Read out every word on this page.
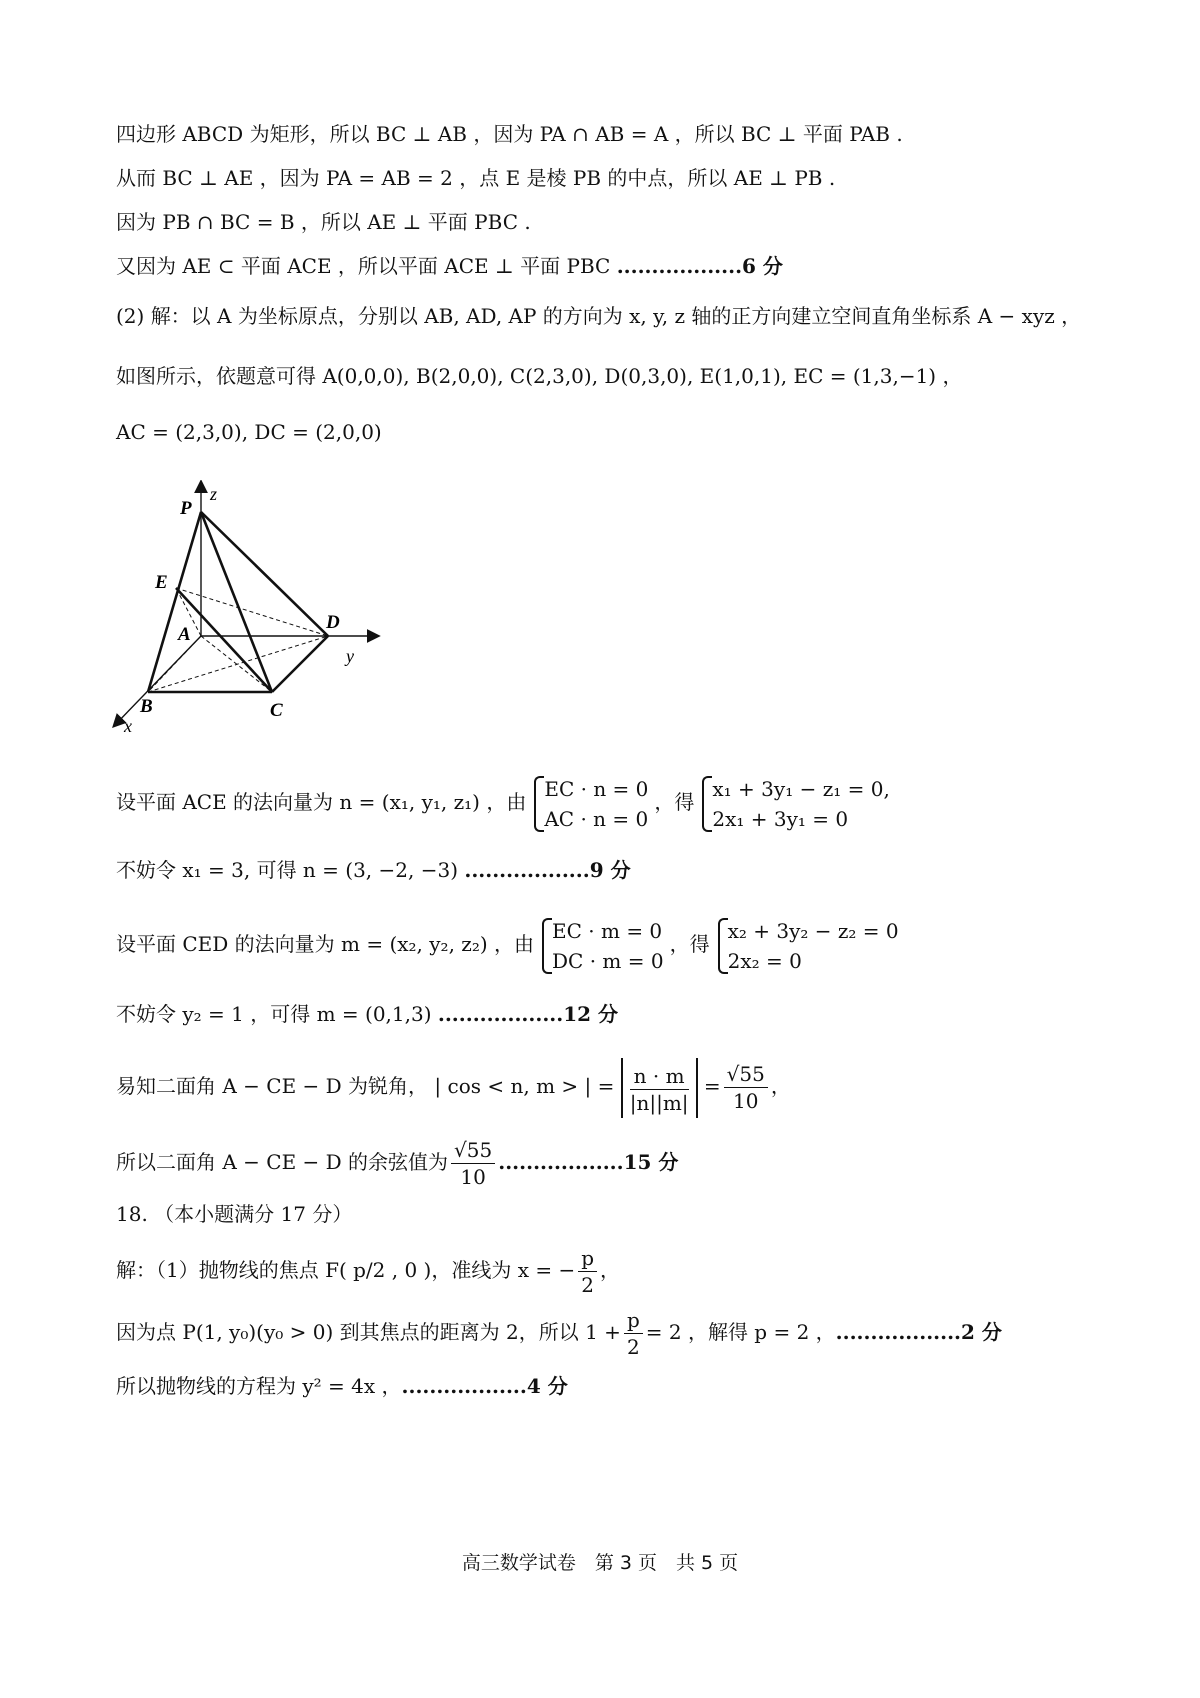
四边形 ABCD 为矩形，所以 BC ⊥ AB ，因为 PA ∩ AB = A ，所以 BC ⊥ 平面 PAB .
从而 BC ⊥ AE ，因为 PA = AB = 2 ，点 E 是棱 PB 的中点，所以 AE ⊥ PB .
因为 PB ∩ BC = B ，所以 AE ⊥ 平面 PBC .
又因为 AE ⊂ 平面 ACE ，所以平面 ACE ⊥ 平面 PBC ..................6 分
(2) 解：以 A 为坐标原点，分别以 AB, AD, AP 的方向为 x, y, z 轴的正方向建立空间直角坐标系 A − xyz ，
如图所示，依题意可得 A(0,0,0), B(2,0,0), C(2,3,0), D(0,3,0), E(1,0,1), EC = (1,3,−1) ，
AC = (2,3,0), DC = (2,0,0)
P
z
E
A
D
y
B	C
x
设平面 ACE 的法向量为 n = (x₁, y₁, z₁) ，由
EC · n = 0
AC · n = 0
，得
x₁ + 3y₁ − z₁ = 0,
2x₁ + 3y₁ = 0
不妨令 x₁ = 3, 可得 n = (3, −2, −3) ..................9 分
设平面 CED 的法向量为 m = (x₂, y₂, z₂) ，由
EC · m = 0
DC · m = 0
，得
x₂ + 3y₂ − z₂ = 0
2x₂ = 0
不妨令 y₂ = 1 ，可得 m = (0,1,3) ..................12 分
易知二面角 A − CE − D 为锐角， | cos < n, m > | = $\frac{n \cdot m}{|n||m|} = \frac{√55}{10}$ ，
所以二面角 A − CE − D 的余弦值为 $\frac{√55}{10} ..................15$ 分
18. （本小题满分 17 分）
解：（1）抛物线的焦点 F( p/2 , 0 )，准线为 x = − $\frac{p}{2}$ ，
因为点 P(1, y₀)(y₀ > 0) 到其焦点的距离为 2，所以 $1 + \frac{p}{2} = 2$ ，解得 p = 2 ，..................2 分
所以抛物线的方程为 y² = 4x ，..................4 分
高三数学试卷　第 3 页　共 5 页
